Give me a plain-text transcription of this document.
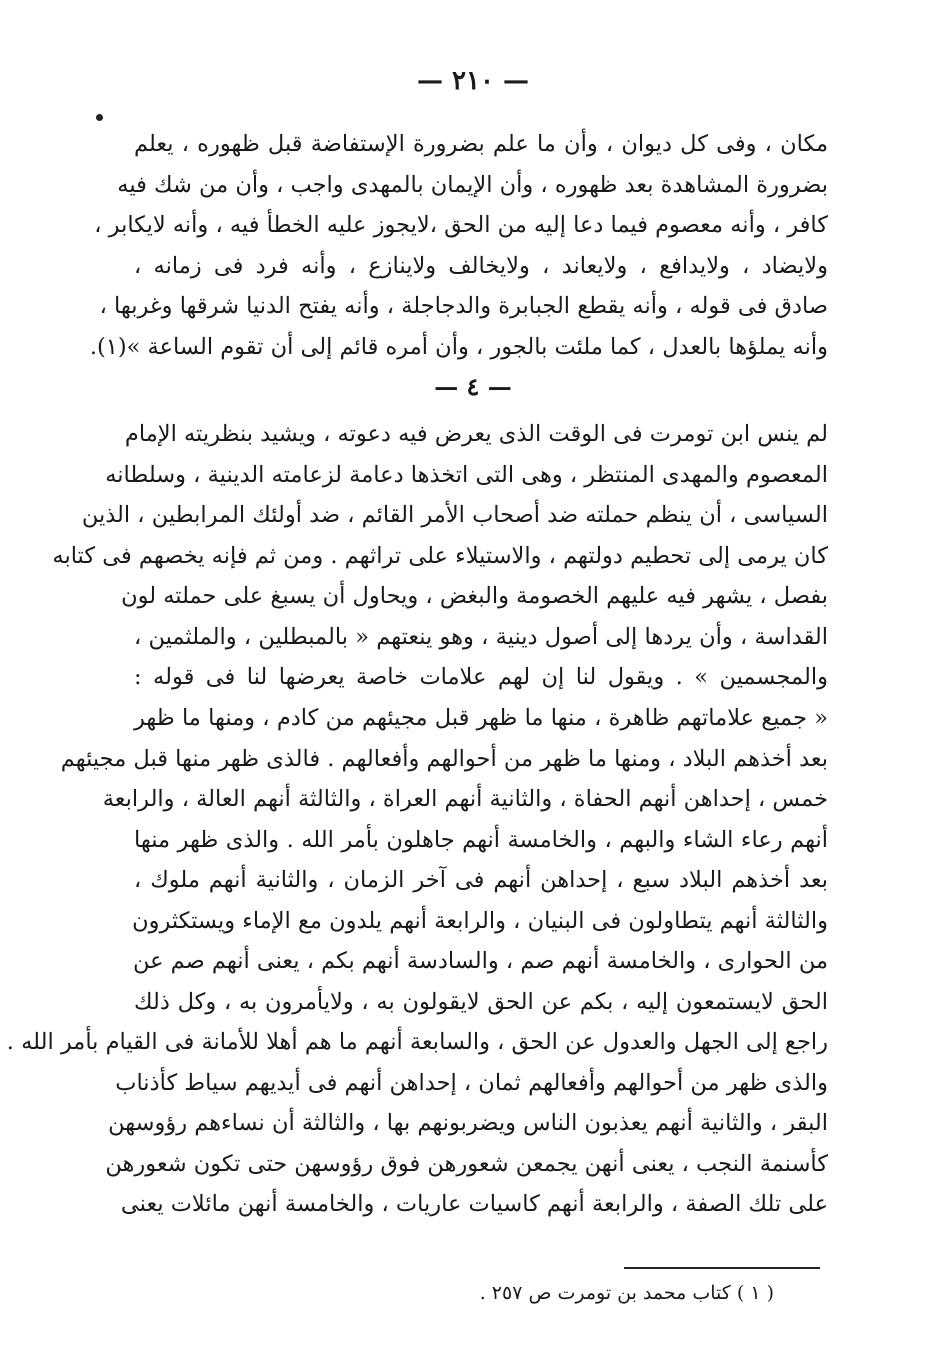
— ٢١٠ —
مكان ، وفى كل ديوان ، وأن ما علم بضرورة الإستفاضة قبل ظهوره ، يعلم
بضرورة المشاهدة بعد ظهوره ، وأن الإيمان بالمهدى واجب ، وأن من شك فيه
كافر ، وأنه معصوم فيما دعا إليه من الحق ،لايجوز عليه الخطأ فيه ، وأنه لايكابر ،
ولايضاد ، ولايدافع ، ولايعاند ، ولايخالف ولاينازع ، وأنه فرد فى زمانه ،
صادق فى قوله ، وأنه يقطع الجبابرة والدجاجلة ، وأنه يفتح الدنيا شرقها وغربها ،
وأنه يملؤها بالعدل ، كما ملئت بالجور ، وأن أمره قائم إلى أن تقوم الساعة »(١).
— ٤ —
لم ينس ابن تومرت فى الوقت الذى يعرض فيه دعوته ، ويشيد بنظريته الإمام
المعصوم والمهدى المنتظر ، وهى التى اتخذها دعامة لزعامته الدينية ، وسلطانه
السياسى ، أن ينظم حملته ضد أصحاب الأمر القائم ، ضد أولئك المرابطين ، الذين
كان يرمى إلى تحطيم دولتهم ، والاستيلاء على تراثهم . ومن ثم فإنه يخصهم فى كتابه
بفصل ، يشهر فيه عليهم الخصومة والبغض ، ويحاول أن يسبغ على حملته لون
القداسة ، وأن يردها إلى أصول دينية ، وهو ينعتهم « بالمبطلين ، والملثمين ،
والمجسمين » . ويقول لنا إن لهم علامات خاصة يعرضها لنا فى قوله :
« جميع علاماتهم ظاهرة ، منها ما ظهر قبل مجيئهم من كادم ، ومنها ما ظهر
بعد أخذهم البلاد ، ومنها ما ظهر من أحوالهم وأفعالهم . فالذى ظهر منها قبل مجيئهم
خمس ، إحداهن أنهم الحفاة ، والثانية أنهم العراة ، والثالثة أنهم العالة ، والرابعة
أنهم رعاء الشاء والبهم ، والخامسة أنهم جاهلون بأمر الله . والذى ظهر منها
بعد أخذهم البلاد سبع ، إحداهن أنهم فى آخر الزمان ، والثانية أنهم ملوك ،
والثالثة أنهم يتطاولون فى البنيان ، والرابعة أنهم يلدون مع الإماء ويستكثرون
من الحوارى ، والخامسة أنهم صم ، والسادسة أنهم بكم ، يعنى أنهم صم عن
الحق لايستمعون إليه ، بكم عن الحق لايقولون به ، ولايأمرون به ، وكل ذلك
راجع إلى الجهل والعدول عن الحق ، والسابعة أنهم ما هم أهلا للأمانة فى القيام بأمر الله .
والذى ظهر من أحوالهم وأفعالهم ثمان ، إحداهن أنهم فى أيديهم سياط كأذناب
البقر ، والثانية أنهم يعذبون الناس ويضربونهم بها ، والثالثة أن نساءهم رؤوسهن
كأسنمة النجب ، يعنى أنهن يجمعن شعورهن فوق رؤوسهن حتى تكون شعورهن
على تلك الصفة ، والرابعة أنهم كاسيات عاريات ، والخامسة أنهن مائلات يعنى
( ١ ) كتاب محمد بن تومرت ص ٢٥٧ .
